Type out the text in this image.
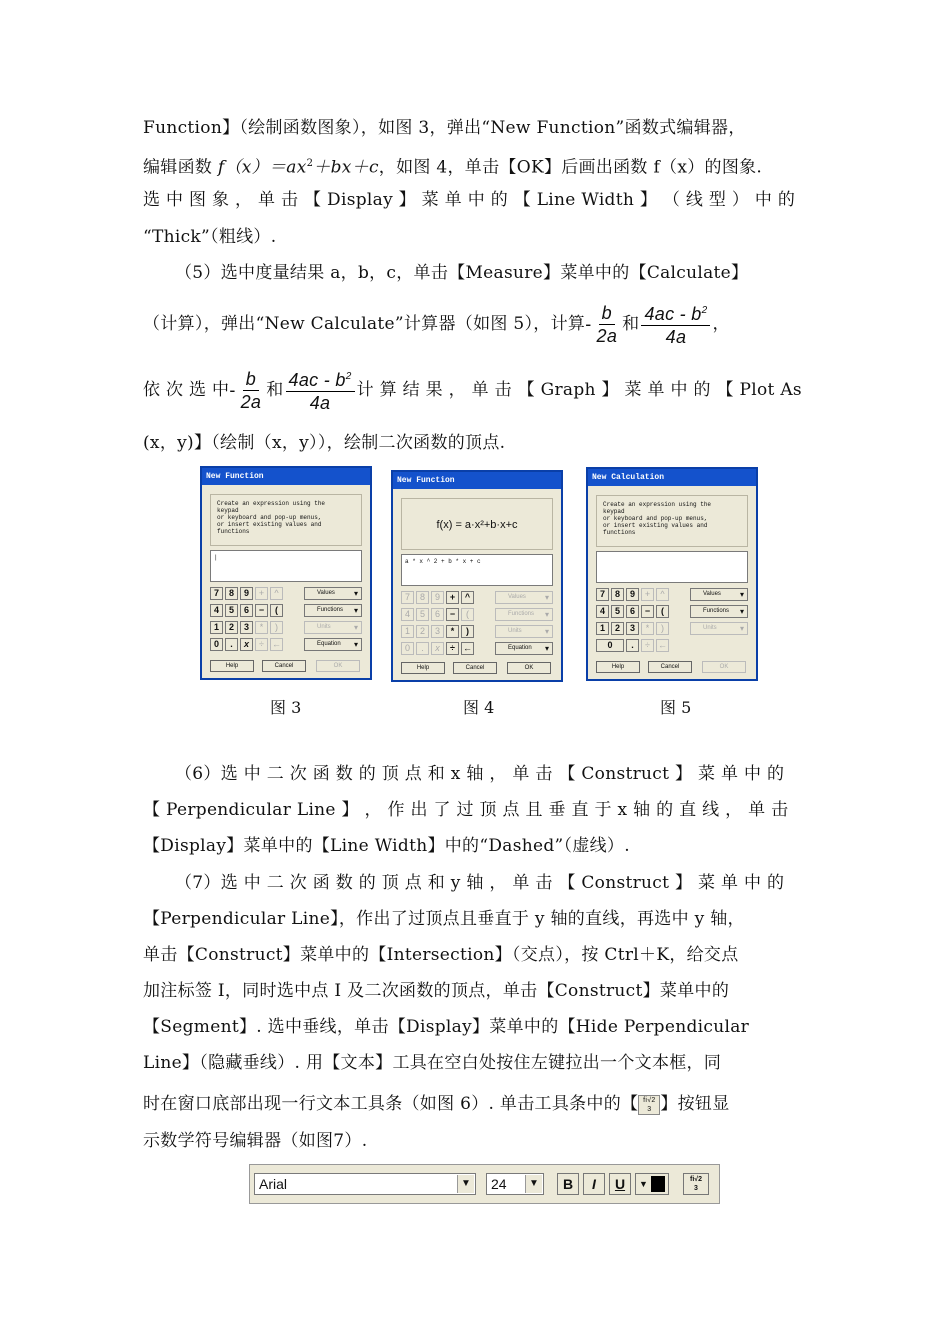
Function】（绘制函数图象），如图 3，弹出“New Function”函数式编辑器，
编辑函数 $f(x)=ax^2+bx+c$，如图 4，单击【OK】后画出函数 f（x）的图象.
选 中 图 象 ， 单 击 【 Display 】 菜 单 中 的 【 Line Width 】 （ 线 型 ） 中 的
“Thick”（粗线）.
（5）选中度量结果 a，b，c，单击【Measure】菜单中的【Calculate】
（计算），弹出“New Calculate”计算器（如图 5），计算 - $\frac{b}{2a}$ 和 $\frac{4ac - b^2}{4a}$ ，
依 次 选 中 - $\frac{b}{2a}$ 和 $\frac{4ac - b^2}{4a}$ 计 算 结 果 ， 单 击 【 Graph 】 菜 单 中 的 【 Plot As
(x，y)】（绘制（x，y）），绘制二次函数的顶点.
New Function
Create an expression using the
keypad
or keyboard and pop-up menus,
or insert existing values and
functions
|
7	8	9	+	^
4	5	6	−	(
1	2	3	*	)
0	.	x	÷ ←
Values ▾
Functions ▾
Units ▾
Equation ▾
Help	Cancel	OK
New Function
f(x) = a·x²+b·x+c
a * x ^ 2 + b * x + c
7	8	9	+	^
4	5	6	−	(
1	2	3	*	)
0	.	x	÷ ←
Values ▾
Functions ▾
Units ▾
Equation ▾
Help	Cancel	OK
New Calculation
Create an expression using the
keypad
or keyboard and pop-up menus,
or insert existing values and
functions
7	8	9	+	^
4	5	6	−	(
1	2	3	*	)
0	.	÷ ←
Values ▾
Functions ▾
Units ▾
Help	Cancel	OK
图 3	图 4	图 5
（6）选 中 二 次 函 数 的 顶 点 和 x 轴 ， 单 击 【 Construct 】 菜 单 中 的
【 Perpendicular Line 】 ， 作 出 了 过 顶 点 且 垂 直 于 x 轴 的 直 线 ， 单 击
【Display】菜单中的【Line Width】中的“Dashed”（虚线）.
（7）选 中 二 次 函 数 的 顶 点 和 y 轴 ， 单 击 【 Construct 】 菜 单 中 的
【Perpendicular Line】，作出了过顶点且垂直于 y 轴的直线，再选中 y 轴，
单击【Construct】菜单中的【Intersection】（交点），按 Ctrl＋K，给交点
加注标签 I，同时选中点 I 及二次函数的顶点，单击【Construct】菜单中的
【Segment】. 选中垂线，单击【Display】菜单中的【Hide Perpendicular
Line】（隐藏垂线）. 用【文本】工具在空白处按住左键拉出一个文本框，同
时在窗口底部出现一行文本工具条（如图 6）. 单击工具条中的【 fi√2
3 】按钮显
示数学符号编辑器（如图7）.
Arial	▼	24	▼	B	I	U	▼	fi√2
3
